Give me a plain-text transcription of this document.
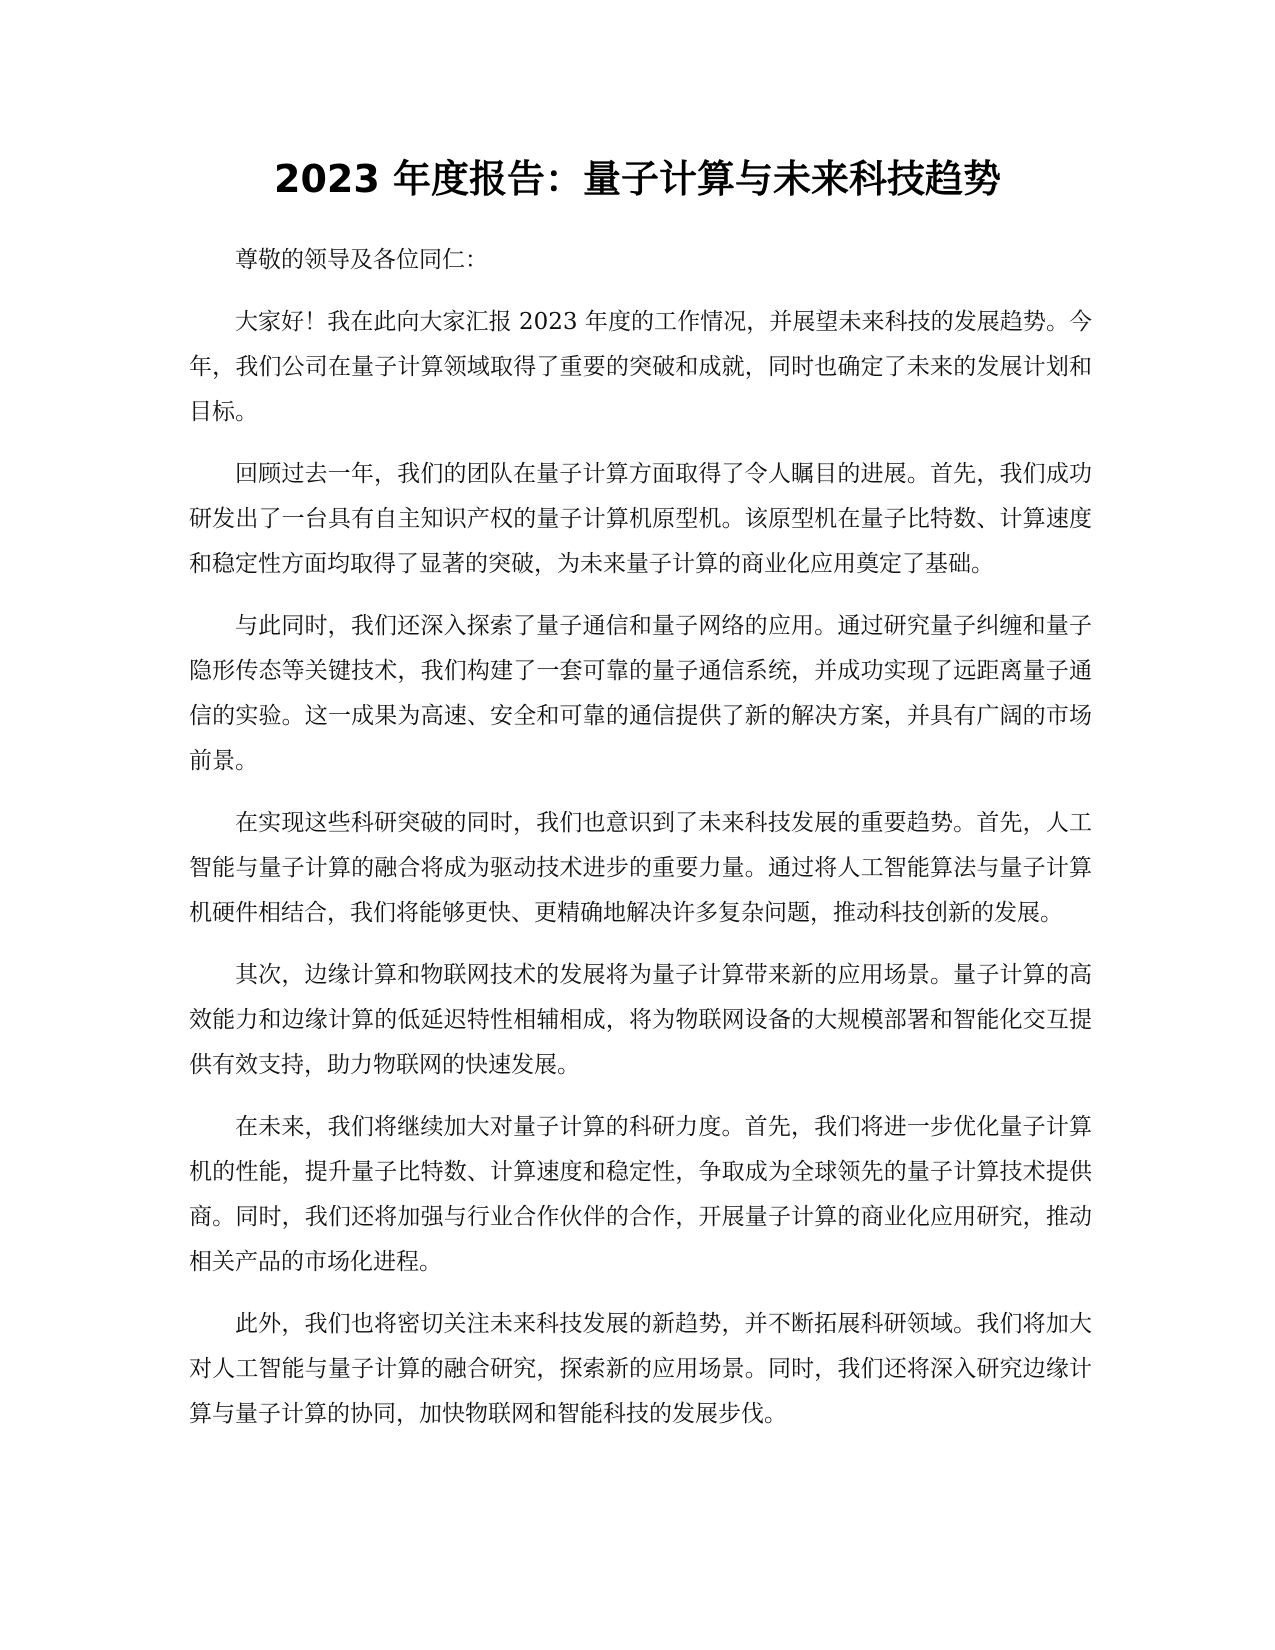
2023 年度报告：量子计算与未来科技趋势

尊敬的领导及各位同仁：

大家好！我在此向大家汇报 2023 年度的工作情况，并展望未来科技的发展趋势。今年，我们公司在量子计算领域取得了重要的突破和成就，同时也确定了未来的发展计划和目标。

回顾过去一年，我们的团队在量子计算方面取得了令人瞩目的进展。首先，我们成功研发出了一台具有自主知识产权的量子计算机原型机。该原型机在量子比特数、计算速度和稳定性方面均取得了显著的突破，为未来量子计算的商业化应用奠定了基础。

与此同时，我们还深入探索了量子通信和量子网络的应用。通过研究量子纠缠和量子隐形传态等关键技术，我们构建了一套可靠的量子通信系统，并成功实现了远距离量子通信的实验。这一成果为高速、安全和可靠的通信提供了新的解决方案，并具有广阔的市场前景。

在实现这些科研突破的同时，我们也意识到了未来科技发展的重要趋势。首先，人工智能与量子计算的融合将成为驱动技术进步的重要力量。通过将人工智能算法与量子计算机硬件相结合，我们将能够更快、更精确地解决许多复杂问题，推动科技创新的发展。

其次，边缘计算和物联网技术的发展将为量子计算带来新的应用场景。量子计算的高效能力和边缘计算的低延迟特性相辅相成，将为物联网设备的大规模部署和智能化交互提供有效支持，助力物联网的快速发展。

在未来，我们将继续加大对量子计算的科研力度。首先，我们将进一步优化量子计算机的性能，提升量子比特数、计算速度和稳定性，争取成为全球领先的量子计算技术提供商。同时，我们还将加强与行业合作伙伴的合作，开展量子计算的商业化应用研究，推动相关产品的市场化进程。

此外，我们也将密切关注未来科技发展的新趋势，并不断拓展科研领域。我们将加大对人工智能与量子计算的融合研究，探索新的应用场景。同时，我们还将深入研究边缘计算与量子计算的协同，加快物联网和智能科技的发展步伐。
